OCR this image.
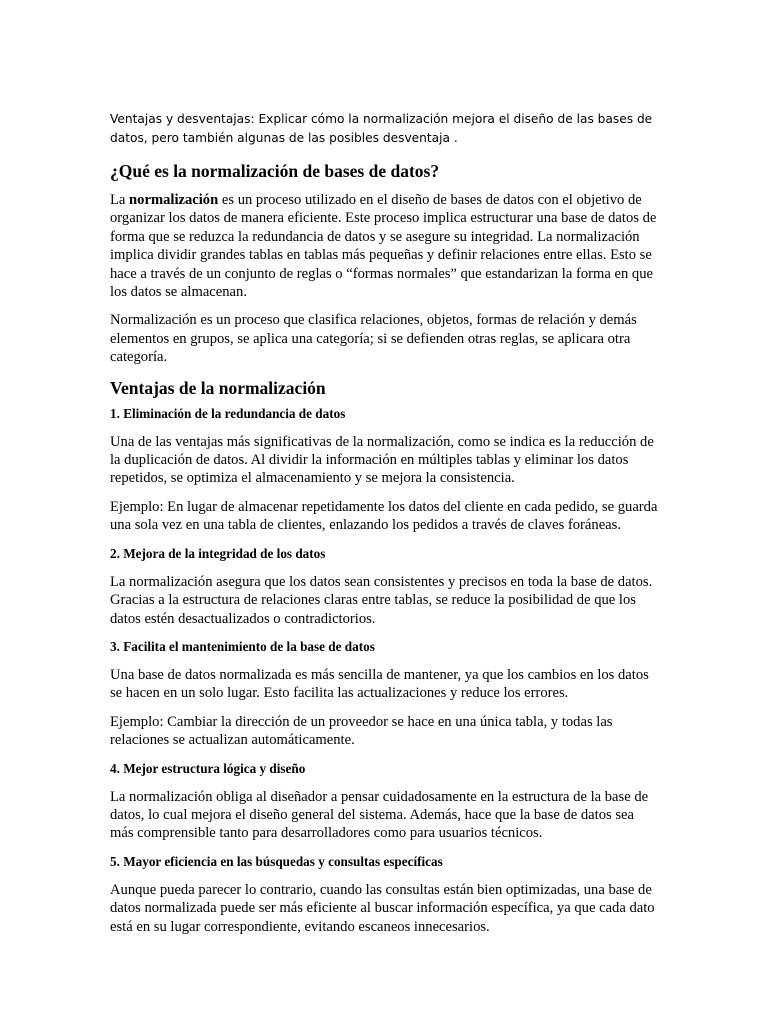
Ventajas y desventajas: Explicar cómo la normalización mejora el diseño de las bases de datos, pero también algunas de las posibles desventaja .

¿Qué es la normalización de bases de datos?

La normalización es un proceso utilizado en el diseño de bases de datos con el objetivo de organizar los datos de manera eficiente. Este proceso implica estructurar una base de datos de forma que se reduzca la redundancia de datos y se asegure su integridad. La normalización implica dividir grandes tablas en tablas más pequeñas y definir relaciones entre ellas. Esto se hace a través de un conjunto de reglas o “formas normales” que estandarizan la forma en que los datos se almacenan.

Normalización es un proceso que clasifica relaciones, objetos, formas de relación y demás elementos en grupos, se aplica una categoría; si se defienden otras reglas, se aplicara otra categoría.

Ventajas de la normalización
1. Eliminación de la redundancia de datos

Una de las ventajas más significativas de la normalización, como se indica es la reducción de la duplicación de datos. Al dividir la información en múltiples tablas y eliminar los datos repetidos, se optimiza el almacenamiento y se mejora la consistencia.

Ejemplo: En lugar de almacenar repetidamente los datos del cliente en cada pedido, se guarda una sola vez en una tabla de clientes, enlazando los pedidos a través de claves foráneas.

2. Mejora de la integridad de los datos

La normalización asegura que los datos sean consistentes y precisos en toda la base de datos. Gracias a la estructura de relaciones claras entre tablas, se reduce la posibilidad de que los datos estén desactualizados o contradictorios.

3. Facilita el mantenimiento de la base de datos

Una base de datos normalizada es más sencilla de mantener, ya que los cambios en los datos se hacen en un solo lugar. Esto facilita las actualizaciones y reduce los errores.

Ejemplo: Cambiar la dirección de un proveedor se hace en una única tabla, y todas las relaciones se actualizan automáticamente.

4. Mejor estructura lógica y diseño

La normalización obliga al diseñador a pensar cuidadosamente en la estructura de la base de datos, lo cual mejora el diseño general del sistema. Además, hace que la base de datos sea más comprensible tanto para desarrolladores como para usuarios técnicos.

5. Mayor eficiencia en las búsquedas y consultas específicas

Aunque pueda parecer lo contrario, cuando las consultas están bien optimizadas, una base de datos normalizada puede ser más eficiente al buscar información específica, ya que cada dato está en su lugar correspondiente, evitando escaneos innecesarios.
